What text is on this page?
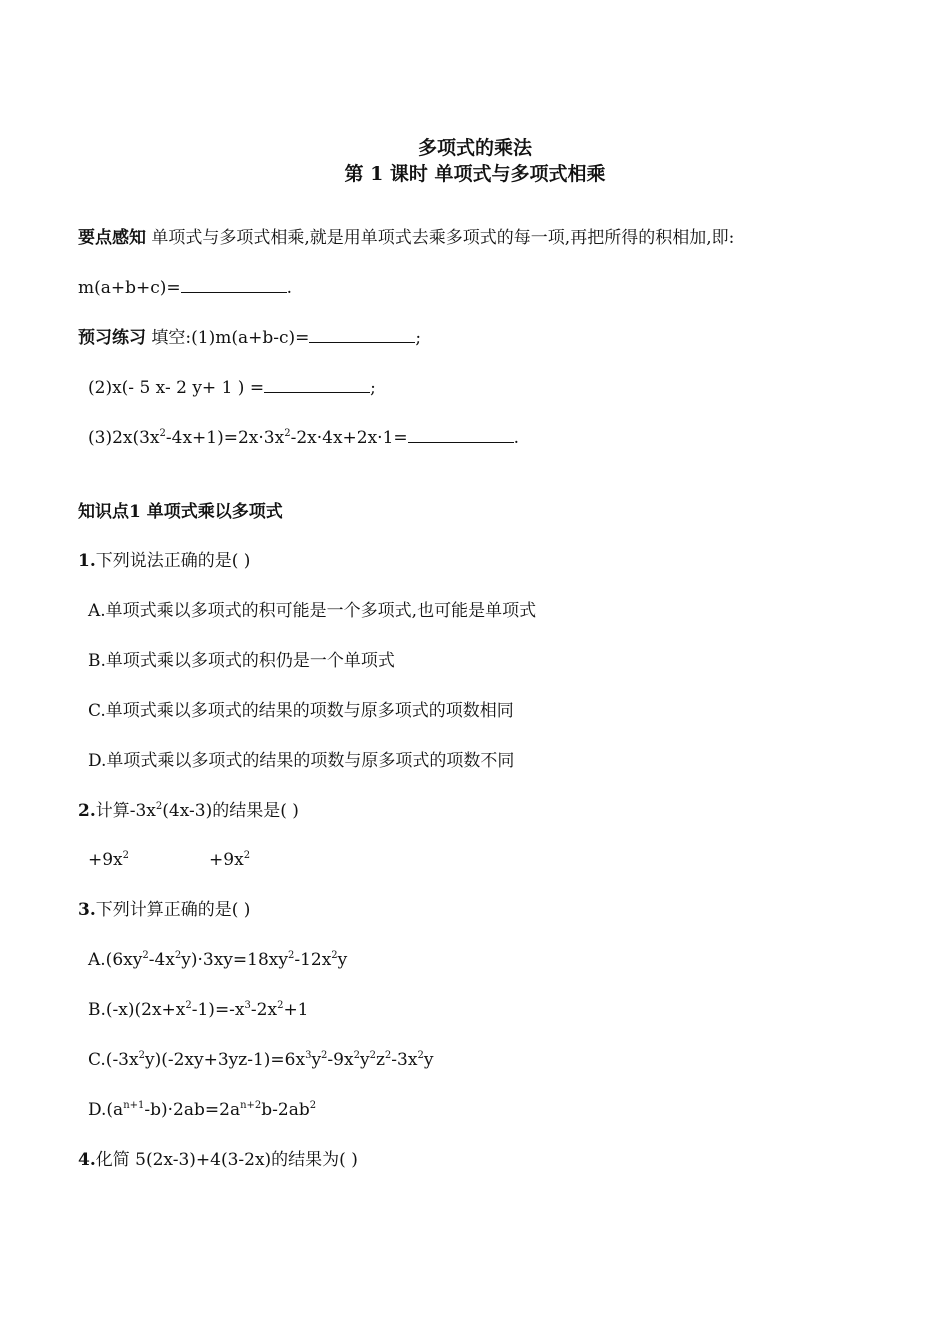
多项式的乘法
第 1 课时 单项式与多项式相乘
要点感知 单项式与多项式相乘,就是用单项式去乘多项式的每一项,再把所得的积相加,即:
m(a+b+c)=	.
预习练习 填空:(1)m(a+b-c)=	;
(2)x(- 5 x- 2 y+ 1 ) =	;
$(3)2x(3x^2-4x+1)=2x\cdot 3x^2-2x\cdot 4x+2x\cdot 1=$	.
知识点1 单项式乘以多项式
1.下列说法正确的是( )
A.单项式乘以多项式的积可能是一个多项式,也可能是单项式
B.单项式乘以多项式的积仍是一个单项式
C.单项式乘以多项式的结果的项数与原多项式的项数相同
D.单项式乘以多项式的结果的项数与原多项式的项数不同
2.计算$-3x^2(4x-3)$的结果是( )
$+9x^2$	$+9x^2$
3.下列计算正确的是( )
$A.(6xy^2-4x^2y)\cdot 3xy=18xy^2-12x^2y$
$B.(-x)(2x+x^2-1)=-x^3-2x^2+1$
$C.(-3x^2y)(-2xy+3yz-1)=6x^3y^2-9x^2y^2z^2-3x^2y$
$D.(a^{n+1}-b)\cdot 2ab=2a^{n+2}b-2ab^2$
4.化简 5(2x-3)+4(3-2x)的结果为( )
